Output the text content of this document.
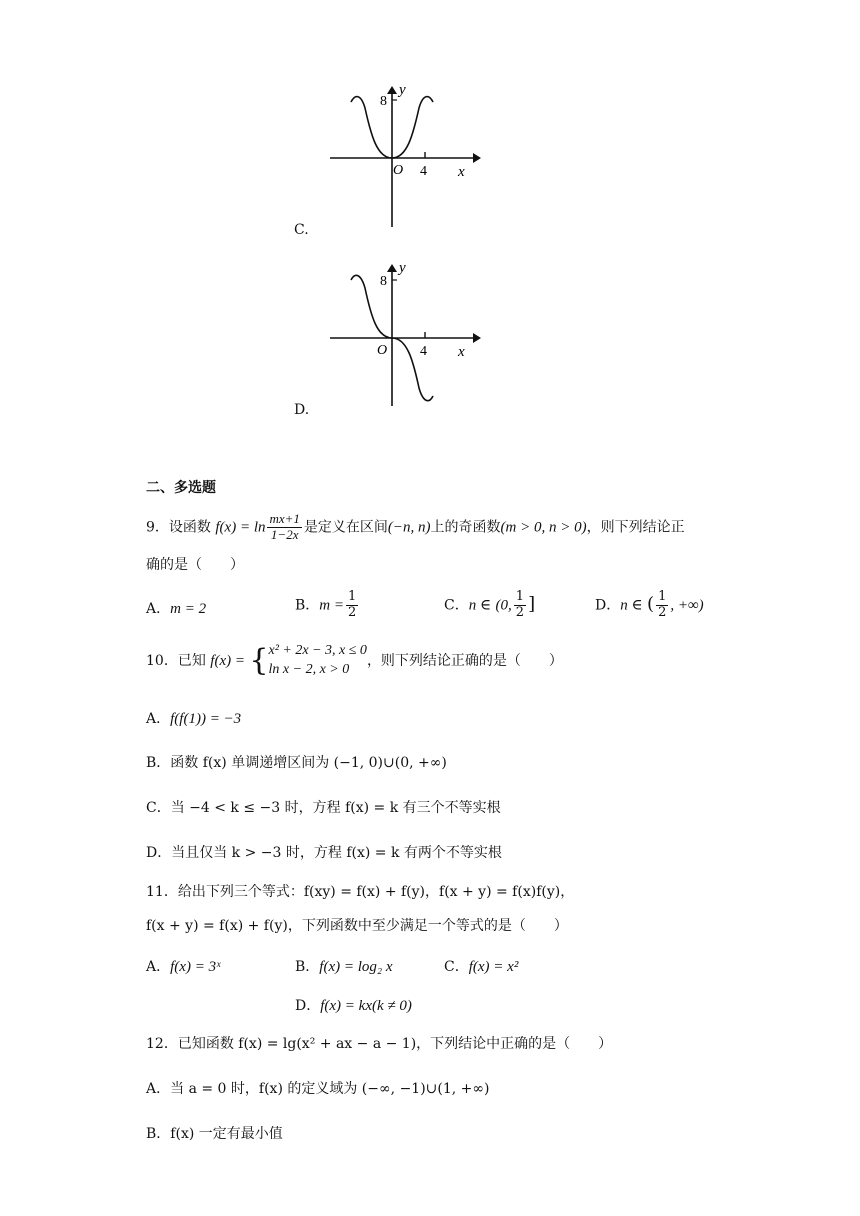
8
y
O 4 x
C.
8
y
O 4 x
D.
二、多选题
9．设函数 $f(x) = \ln \frac{mx+1}{1-2x}$ 是定义在区间(−n, n)上的奇函数(m > 0, n > 0)，则下列结论正
确的是（　　）
A．m = 2	B．$m = \frac{1}{2}$	C．n ∈ (0, $\frac{1}{2}$ ]	D．n ∈ ( $\frac{1}{2}$ , +∞)
10．已知 f(x) = { x² + 2x − 3, x ≤ 0
ln x − 2, x > 0
，则下列结论正确的是（　　）
A．f(f(1)) = −3
B．函数 f(x) 单调递增区间为 (−1, 0)∪(0, +∞)
C．当 −4 < k ≤ −3 时，方程 f(x) = k 有三个不等实根
D．当且仅当 k > −3 时，方程 f(x) = k 有两个不等实根
11．给出下列三个等式：f(xy) = f(x) + f(y)，f(x + y) = f(x)f(y)，
f(x + y) = f(x) + f(y)，下列函数中至少满足一个等式的是（　　）
A．f(x) = 3ˣ	B．f(x) = log₂ x	C．f(x) = x²
D．f(x) = kx(k ≠ 0)
12．已知函数 f(x) = lg(x² + ax − a − 1)，下列结论中正确的是（　　）
A．当 a = 0 时，f(x) 的定义域为 (−∞, −1)∪(1, +∞)
B．f(x) 一定有最小值
